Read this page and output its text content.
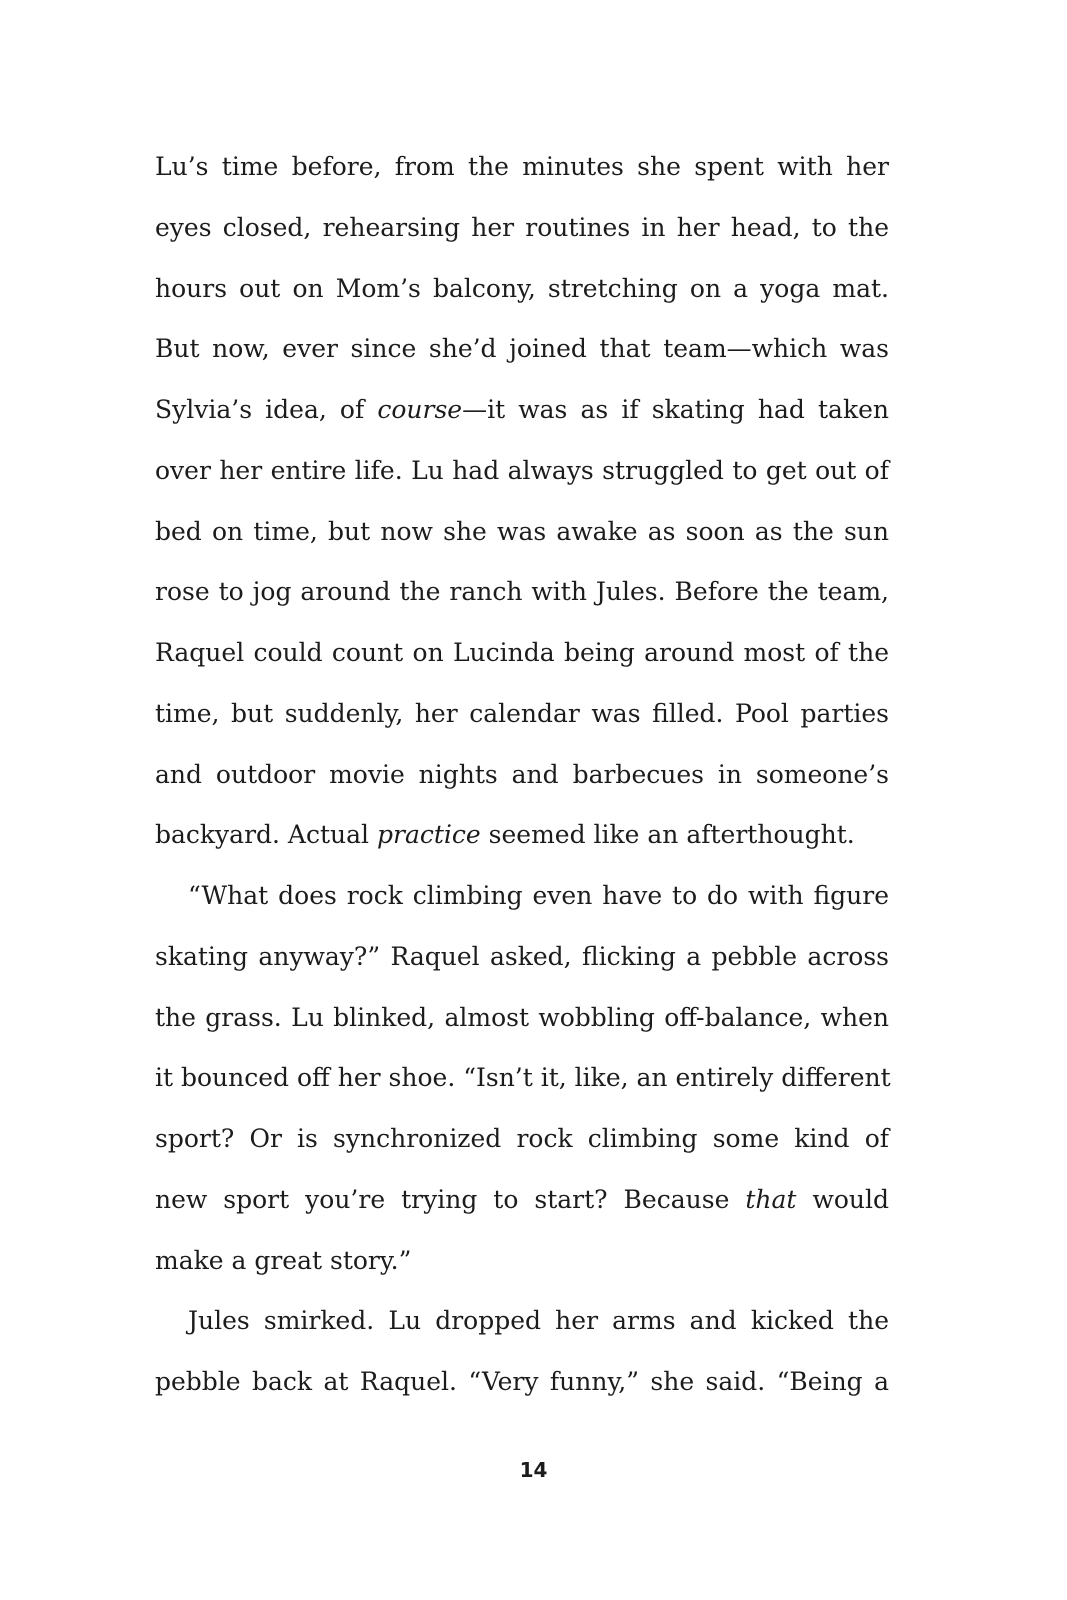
Lu’s time before, from the minutes she spent with her
eyes closed, rehearsing her routines in her head, to the
hours out on Mom’s balcony, stretching on a yoga mat.
But now, ever since she’d joined that team—which was
Sylvia’s idea, of course—it was as if skating had taken
over her entire life. Lu had always struggled to get out of
bed on time, but now she was awake as soon as the sun
rose to jog around the ranch with Jules. Before the team,
Raquel could count on Lucinda being around most of the
time, but suddenly, her calendar was filled. Pool parties
and outdoor movie nights and barbecues in someone’s
backyard. Actual practice seemed like an afterthought.
“What does rock climbing even have to do with figure
skating anyway?” Raquel asked, flicking a pebble across
the grass. Lu blinked, almost wobbling off-balance, when
it bounced off her shoe. “Isn’t it, like, an entirely different
sport? Or is synchronized rock climbing some kind of
new sport you’re trying to start? Because that would
make a great story.”
Jules smirked. Lu dropped her arms and kicked the
pebble back at Raquel. “Very funny,” she said. “Being a
14
